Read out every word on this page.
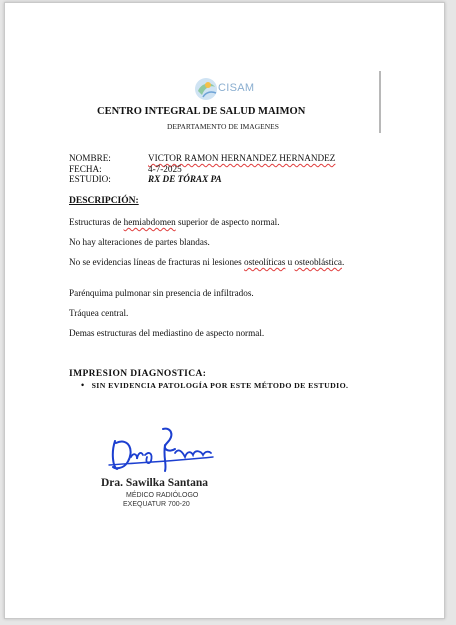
CISAM
CENTRO INTEGRAL DE SALUD MAIMON
DEPARTAMENTO DE IMAGENES
NOMBRE:	VICTOR RAMON HERNANDEZ HERNANDEZ
FECHA:	4-7-2025
ESTUDIO:	RX DE TÓRAX PA
DESCRIPCIÓN:
Estructuras de hemiabdomen superior de aspecto normal.
No hay alteraciones de partes blandas.
No se evidencias líneas de fracturas ni lesiones osteolíticas u osteoblástica.
Parénquima pulmonar sin presencia de infiltrados.
Tráquea central.
Demas estructuras del mediastino de aspecto normal.
IMPRESION DIAGNOSTICA:
• SIN EVIDENCIA PATOLOGÍA POR ESTE MÉTODO DE ESTUDIO.
Dra. Sawilka Santana
MÉDICO RADIÓLOGO
EXEQUATUR 700-20
